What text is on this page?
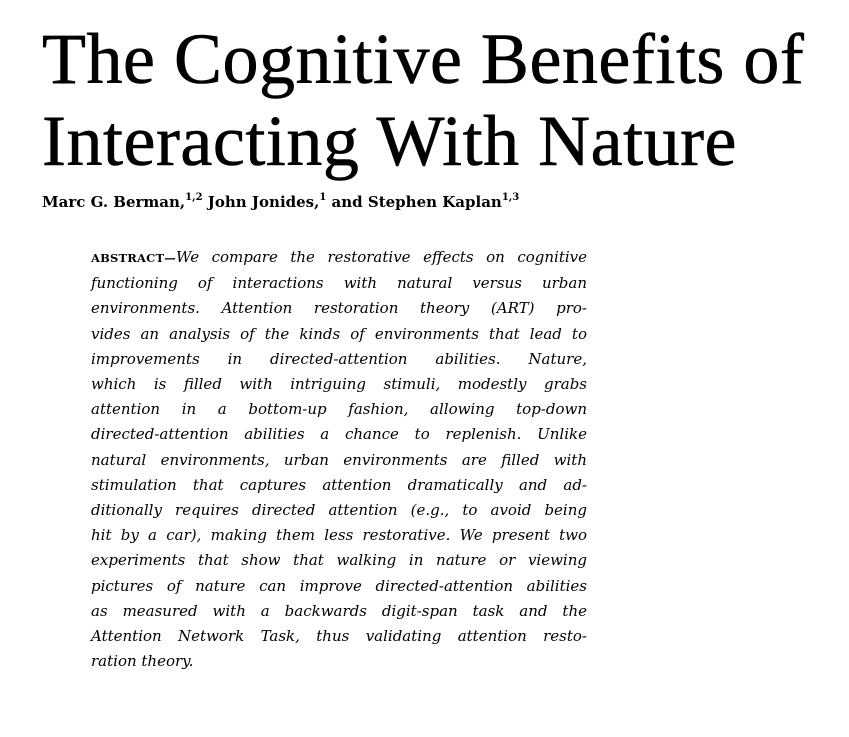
The Cognitive Benefits of
Interacting With Nature

Marc G. Berman,$^{1,2}$ John Jonides,$^1$ and Stephen Kaplan$^{1,3}$

ABSTRACT—We compare the restorative effects on cognitive
functioning of interactions with natural versus urban
environments. Attention restoration theory (ART) pro-
vides an analysis of the kinds of environments that lead to
improvements in directed-attention abilities. Nature,
which is filled with intriguing stimuli, modestly grabs
attention in a bottom-up fashion, allowing top-down
directed-attention abilities a chance to replenish. Unlike
natural environments, urban environments are filled with
stimulation that captures attention dramatically and ad-
ditionally requires directed attention (e.g., to avoid being
hit by a car), making them less restorative. We present two
experiments that show that walking in nature or viewing
pictures of nature can improve directed-attention abilities
as measured with a backwards digit-span task and the
Attention Network Task, thus validating attention resto-
ration theory.
